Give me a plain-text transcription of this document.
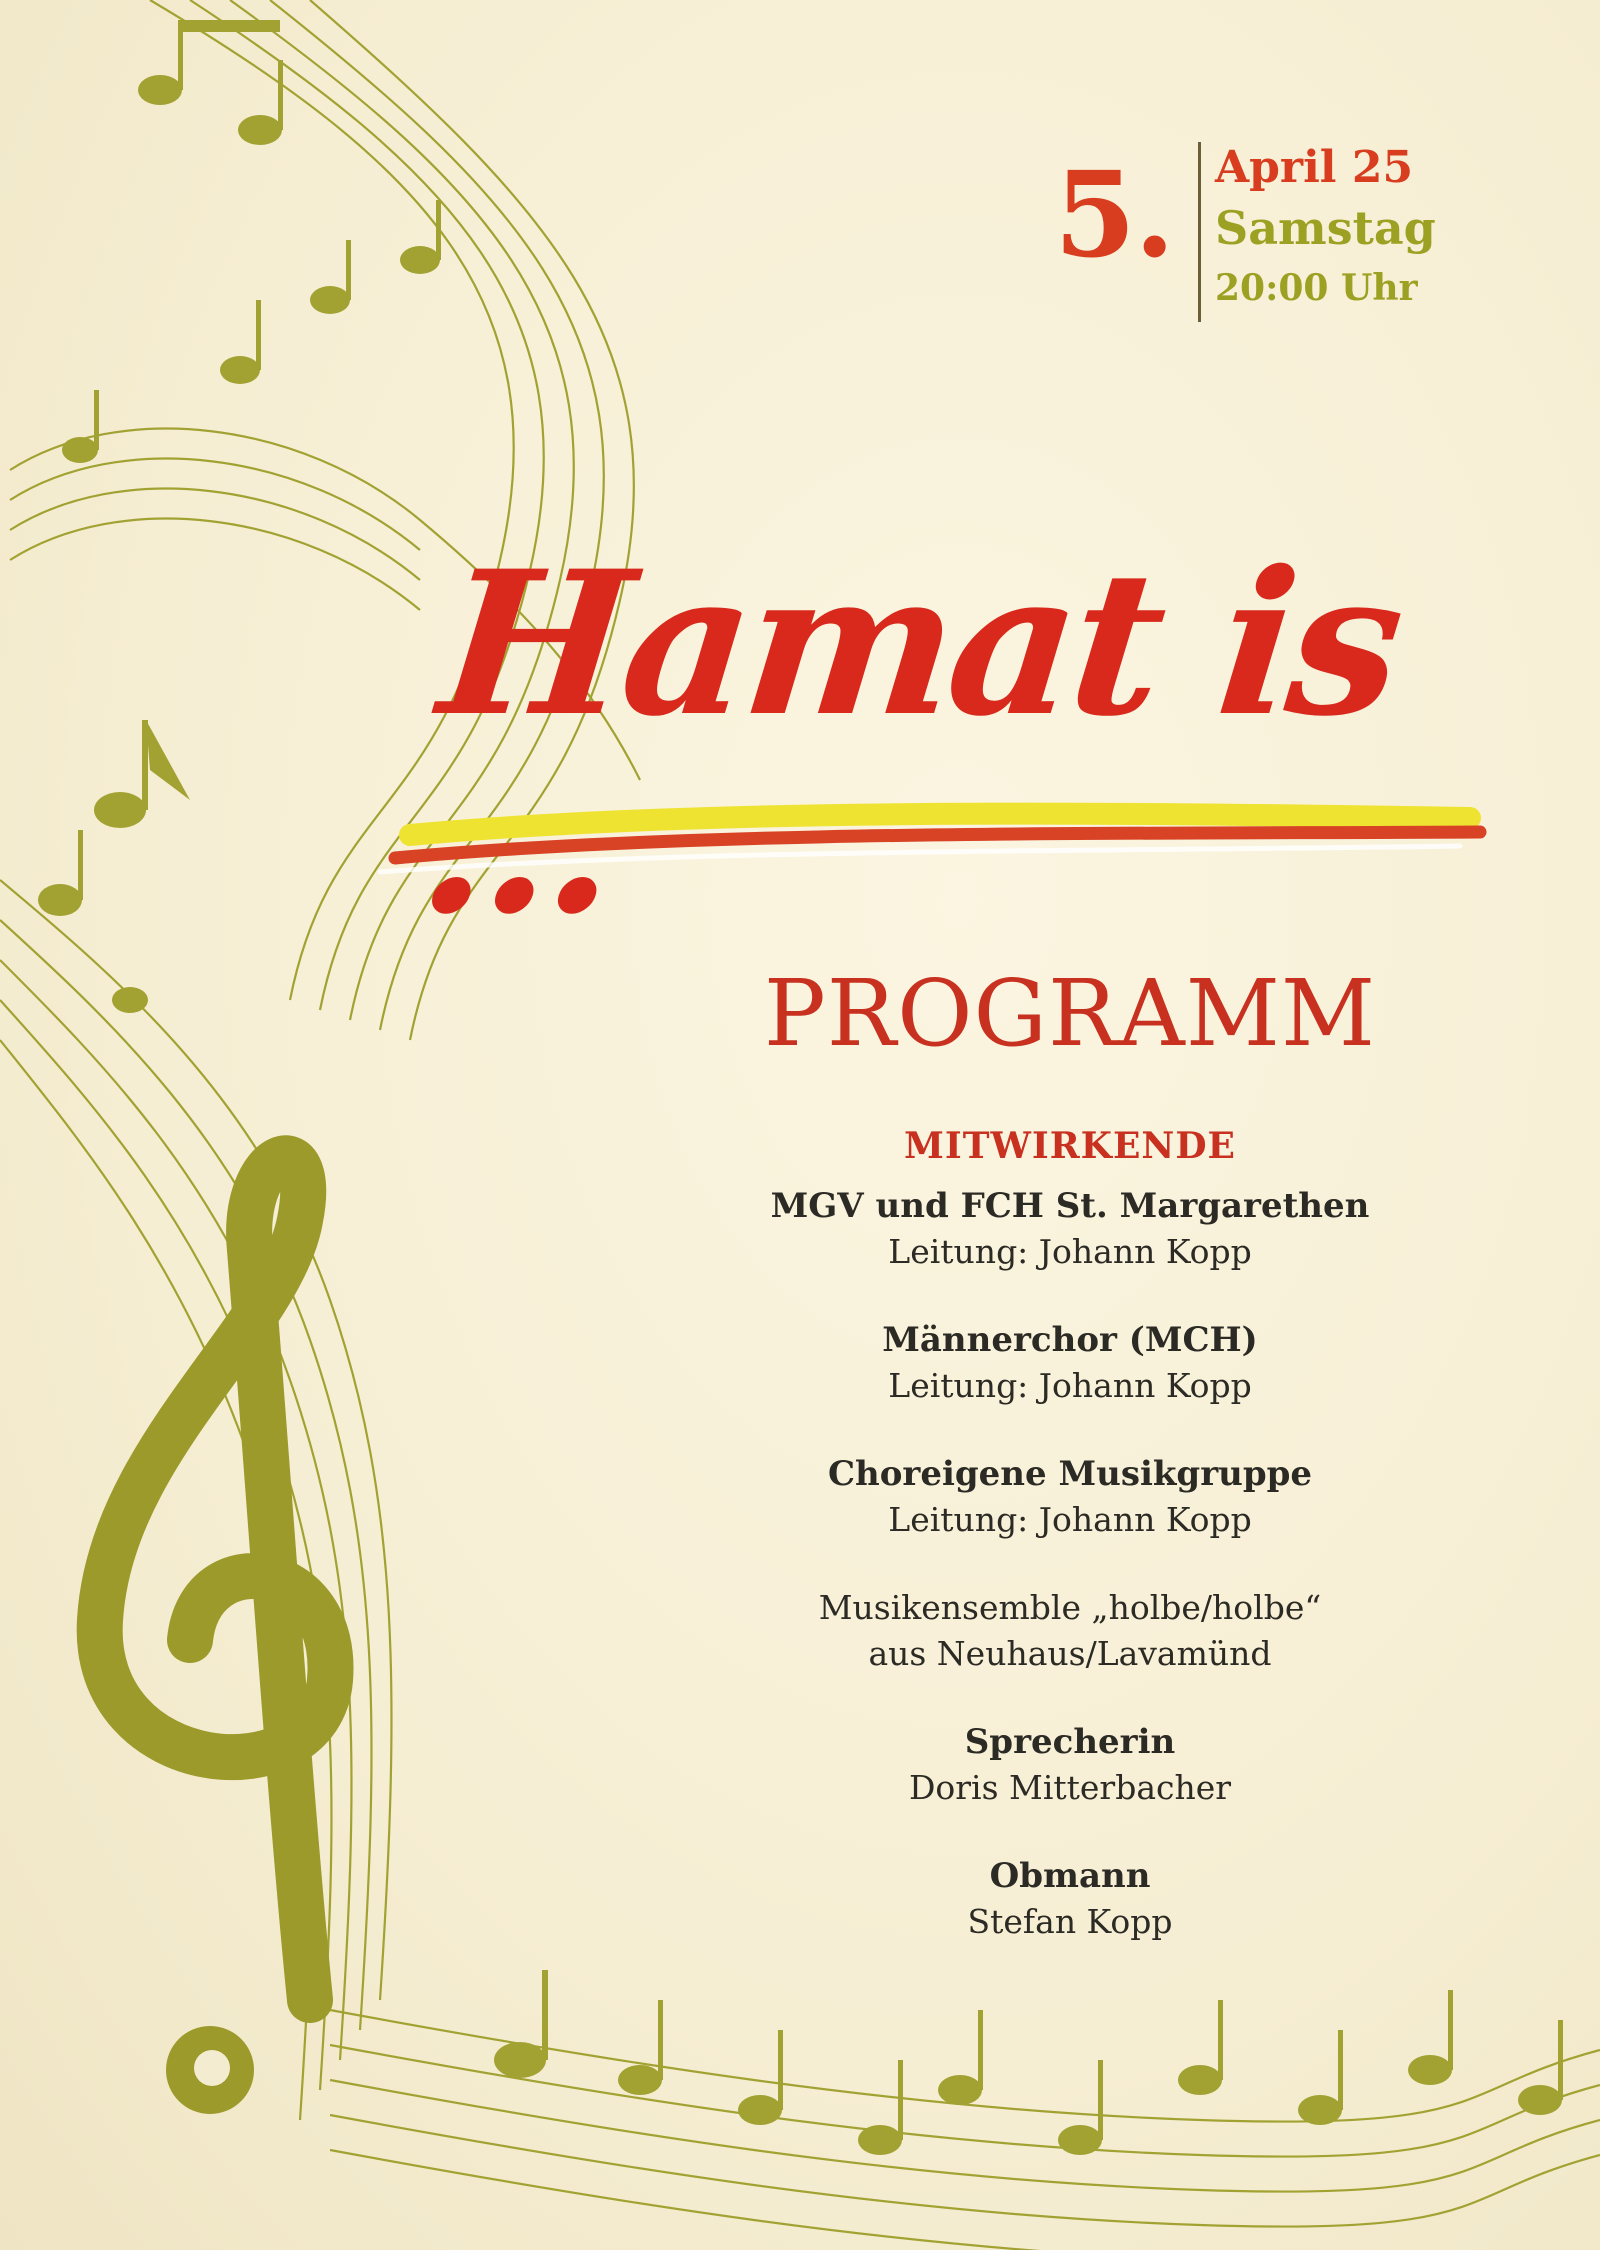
5. April 25
Samstag
20:00 Uhr
Hamat is ...
PROGRAMM
MITWIRKENDE
MGV und FCH St. Margarethen
Leitung: Johann Kopp
Männerchor (MCH)
Leitung: Johann Kopp
Choreigene Musikgruppe
Leitung: Johann Kopp
Musikensemble „holbe/holbe“
aus Neuhaus/Lavamünd
Sprecherin
Doris Mitterbacher
Obmann
Stefan Kopp
